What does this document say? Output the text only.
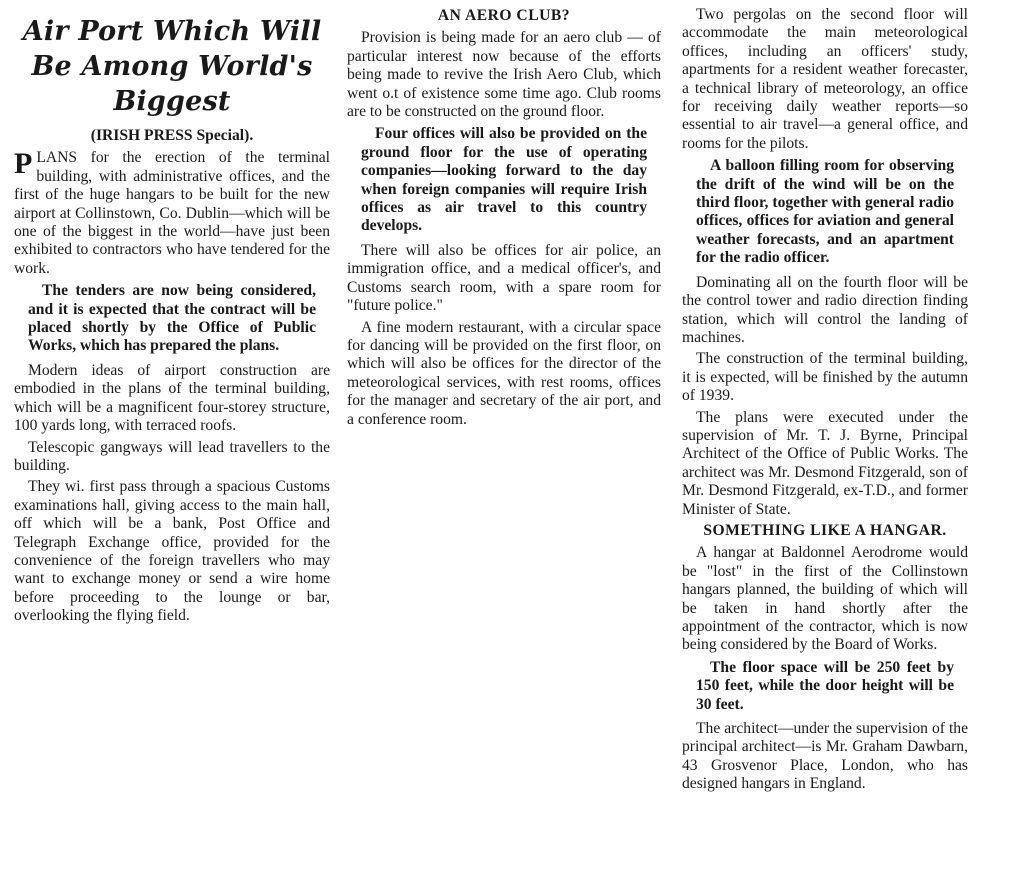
Air Port Which Will Be Among World's Biggest
(IRISH PRESS Special).

PLANS for the erection of the terminal building, with administrative offices, and the first of the huge hangars to be built for the new airport at Collinstown, Co. Dublin—which will be one of the biggest in the world—have just been exhibited to contractors who have tendered for the work.

The tenders are now being considered, and it is expected that the contract will be placed shortly by the Office of Public Works, which has prepared the plans.

Modern ideas of airport construction are embodied in the plans of the terminal building, which will be a magnificent four-storey structure, 100 yards long, with terraced roofs.

Telescopic gangways will lead travellers to the building.

They wi. first pass through a spacious Customs examinations hall, giving access to the main hall, off which will be a bank, Post Office and Telegraph Exchange office, provided for the convenience of the foreign travellers who may want to exchange money or send a wire home before proceeding to the lounge or bar, overlooking the flying field.

AN AERO CLUB?

Provision is being made for an aero club — of particular interest now because of the efforts being made to revive the Irish Aero Club, which went o.t of existence some time ago. Club rooms are to be constructed on the ground floor.

Four offices will also be provided on the ground floor for the use of operating companies—looking forward to the day when foreign companies will require Irish offices as air travel to this country develops.

There will also be offices for air police, an immigration office, and a medical officer's, and Customs search room, with a spare room for "future police."

A fine modern restaurant, with a circular space for dancing will be provided on the first floor, on which will also be offices for the director of the meteorological services, with rest rooms, offices for the manager and secretary of the air port, and a conference room.

Two pergolas on the second floor will accommodate the main meteorological offices, including an officers' study, apartments for a resident weather forecaster, a technical library of meteorology, an office for receiving daily weather reports—so essential to air travel—a general office, and rooms for the pilots.

A balloon filling room for observing the drift of the wind will be on the third floor, together with general radio offices, offices for aviation and general weather forecasts, and an apartment for the radio officer.

Dominating all on the fourth floor will be the control tower and radio direction finding station, which will control the landing of machines.

The construction of the terminal building, it is expected, will be finished by the autumn of 1939.

The plans were executed under the supervision of Mr. T. J. Byrne, Principal Architect of the Office of Public Works. The architect was Mr. Desmond Fitzgerald, son of Mr. Desmond Fitzgerald, ex-T.D., and former Minister of State.

SOMETHING LIKE A HANGAR.

A hangar at Baldonnel Aerodrome would be "lost" in the first of the Collinstown hangars planned, the building of which will be taken in hand shortly after the appointment of the contractor, which is now being considered by the Board of Works.

The floor space will be 250 feet by 150 feet, while the door height will be 30 feet.

The architect—under the supervision of the principal architect—is Mr. Graham Dawbarn, 43 Grosvenor Place, London, who has designed hangars in England.
